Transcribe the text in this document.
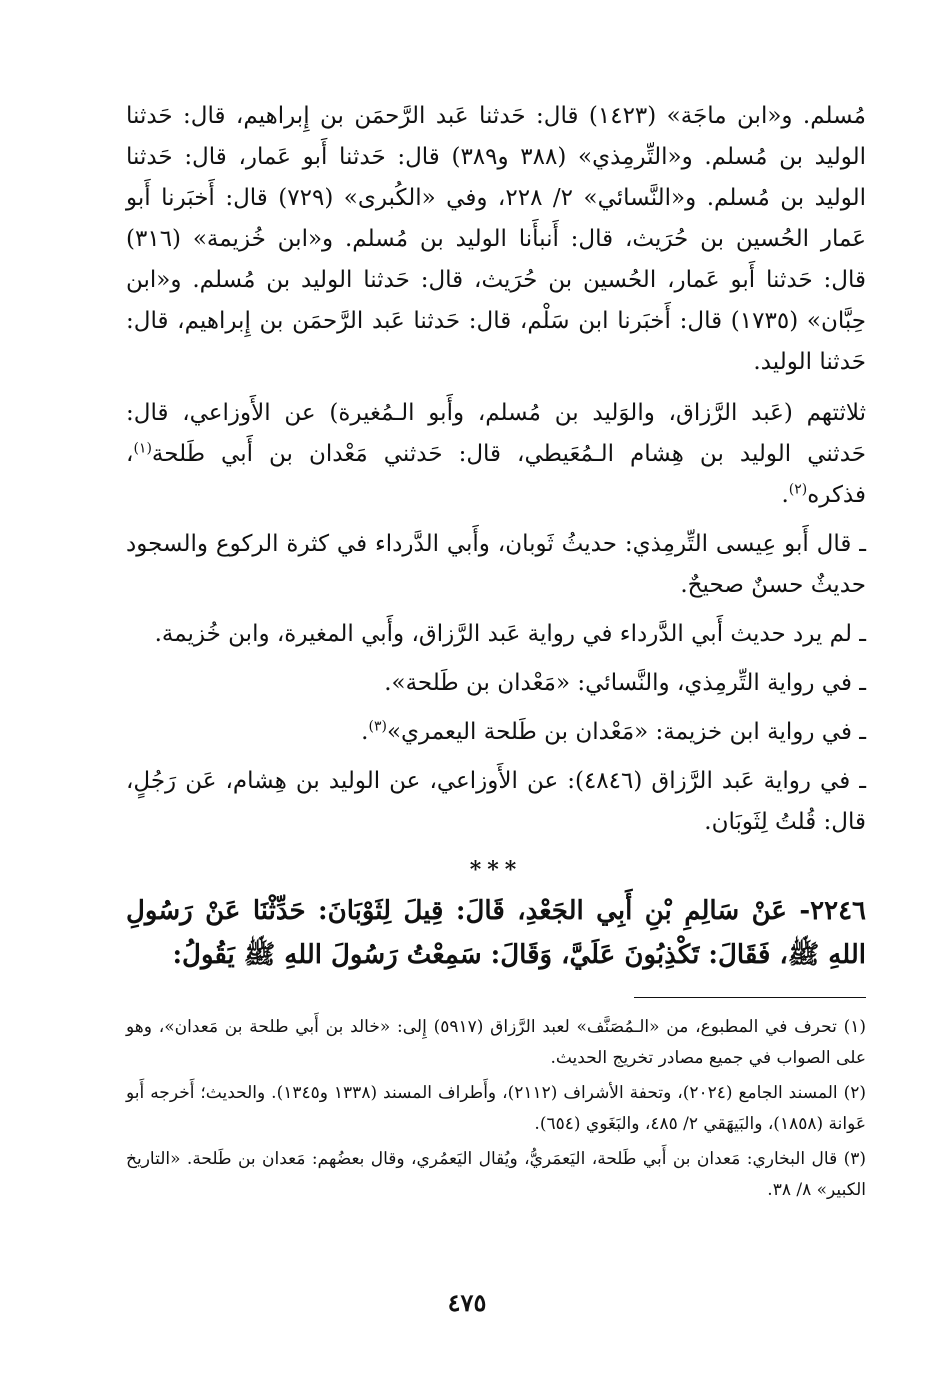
مُسلم. و«ابن ماجَة» (١٤٢٣) قال: حَدثنا عَبد الرَّحمَن بن إِبراهيم، قال: حَدثنا الوليد بن مُسلم. و«التِّرمِذي» (٣٨٨ و٣٨٩) قال: حَدثنا أَبو عَمار، قال: حَدثنا الوليد بن مُسلم. و«النَّسائي» ٢/ ٢٢٨، وفي «الكُبرى» (٧٢٩) قال: أَخبَرنا أَبو عَمار الحُسين بن حُرَيث، قال: أَنبأَنا الوليد بن مُسلم. و«ابن خُزيمة» (٣١٦) قال: حَدثنا أَبو عَمار، الحُسين بن حُرَيث، قال: حَدثنا الوليد بن مُسلم. و«ابن حِبَّان» (١٧٣٥) قال: أَخبَرنا ابن سَلْم، قال: حَدثنا عَبد الرَّحمَن بن إِبراهيم، قال: حَدثنا الوليد.

ثلاثتهم (عَبد الرَّزاق، والوَليد بن مُسلم، وأَبو الـمُغيرة) عن الأَوزاعي، قال: حَدثني الوليد بن هِشام الـمُعَيطي، قال: حَدثني مَعْدان بن أَبي طَلحة$^{(١)}$، فذكره$^{(٢)}$.

ـ قال أَبو عِيسى التِّرمِذي: حديثُ ثَوبان، وأَبي الدَّرداء في كثرة الركوع والسجود حديثٌ حسنٌ صحيحٌ.

ـ لم يرد حديث أَبي الدَّرداء في رواية عَبد الرَّزاق، وأَبي المغيرة، وابن خُزيمة.

ـ في رواية التِّرمِذي، والنَّسائي: «مَعْدان بن طَلحة».

ـ في رواية ابن خزيمة: «مَعْدان بن طَلحة اليعمري»$^{(٣)}$.

ـ في رواية عَبد الرَّزاق (٤٨٤٦): عن الأَوزاعي، عن الوليد بن هِشام، عَن رَجُلٍ، قال: قُلتُ لِثَوبَان.

***

٢٢٤٦- عَنْ سَالِمِ بْنِ أَبِي الجَعْدِ، قَالَ: قِيلَ لِثَوْبَانَ: حَدِّثْنَا عَنْ رَسُولِ اللهِ ﷺ، فَقَالَ: تَكْذِبُونَ عَلَيَّ، وَقَالَ: سَمِعْتُ رَسُولَ اللهِ ﷺ يَقُولُ:

(١) تحرف في المطبوع، من «الـمُصَنَّف» لعبد الرَّزاق (٥٩١٧) إِلى: «خالد بن أَبي طلحة بن مَعدان»، وهو على الصواب في جميع مصادر تخريج الحديث.

(٢) المسند الجامع (٢٠٢٤)، وتحفة الأشراف (٢١١٢)، وأَطراف المسند (١٣٣٨ و١٣٤٥). والحديث؛ أَخرجه أَبو عَوانة (١٨٥٨)، والبَيهَقي ٢/ ٤٨٥، والبَغَوي (٦٥٤).

(٣) قال البخاري: مَعدان بن أَبي طَلحة، اليَعمَريُّ، ويُقال اليَعمُري، وقال بعضُهم: مَعدان بن طَلحة. «التاريخ الكبير» ٨/ ٣٨.

٤٧٥
